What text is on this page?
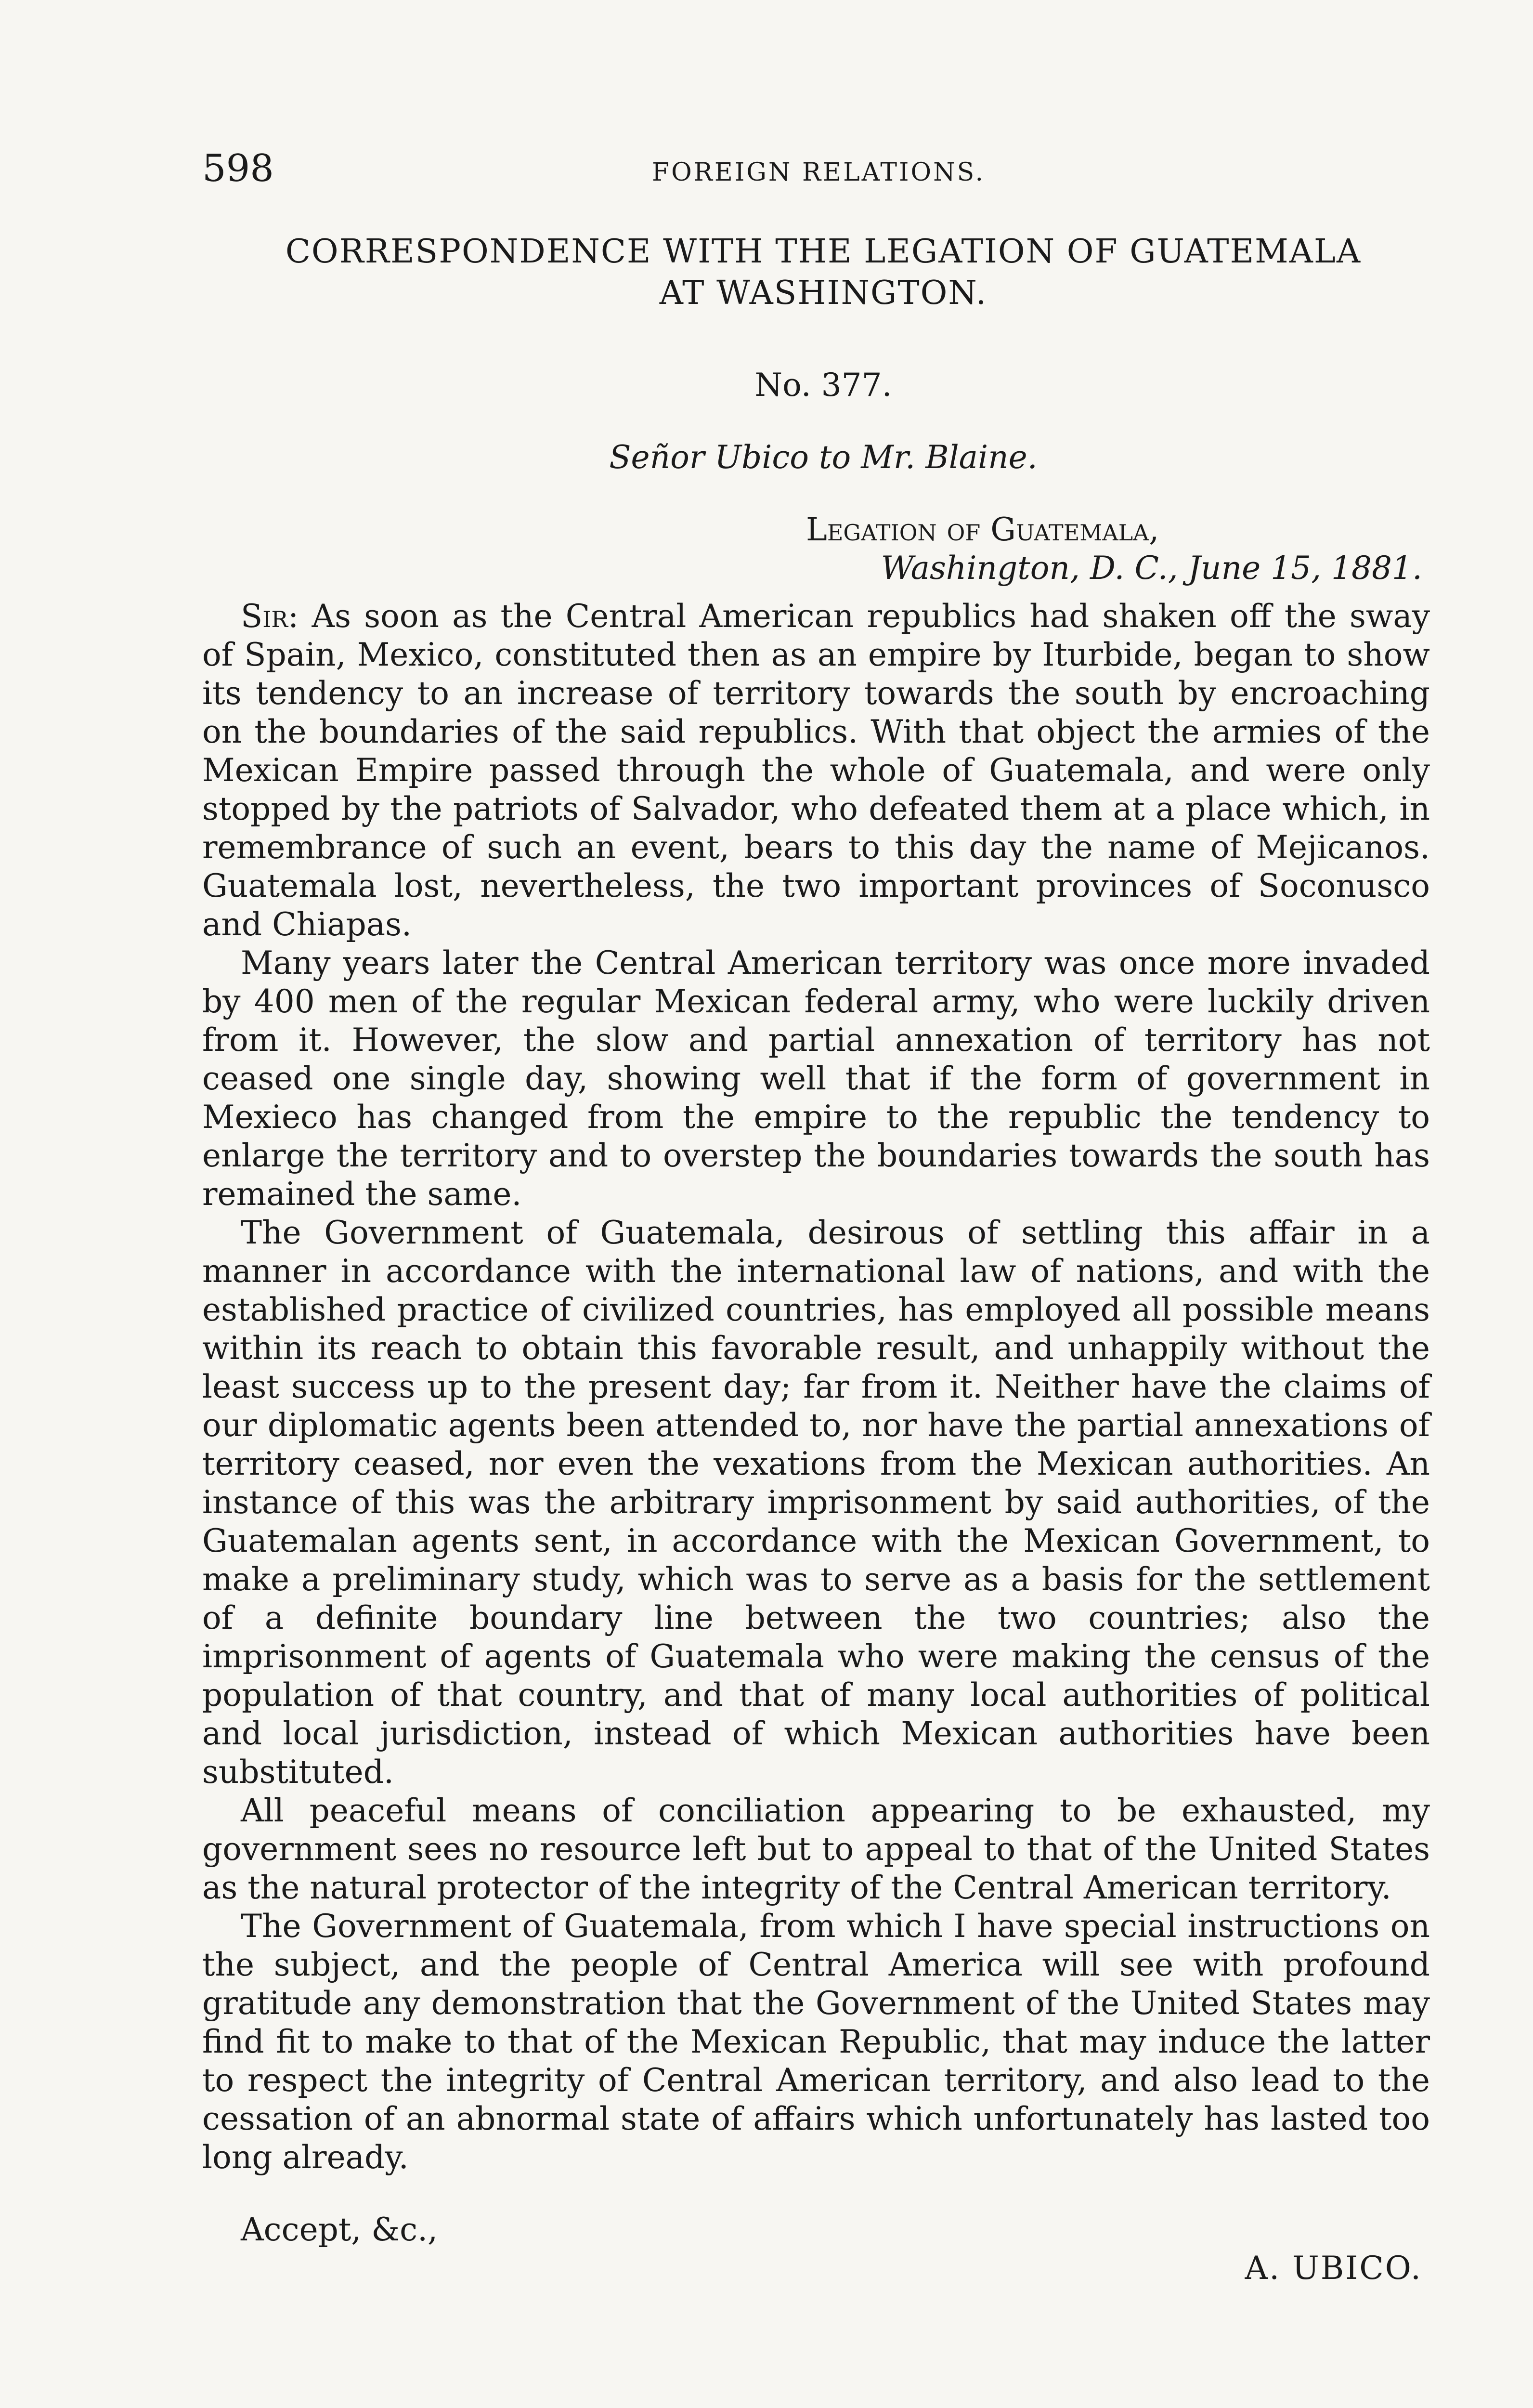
598	FOREIGN RELATIONS.
CORRESPONDENCE WITH THE LEGATION OF GUATEMALA
AT WASHINGTON.
No. 377.
Señor Ubico to Mr. Blaine.
Legation of Guatemala,
Washington, D. C., June 15, 1881.

Sir: As soon as the Central American republics had shaken off the sway of Spain, Mexico, constituted then as an empire by Iturbide, began to show its tendency to an increase of territory towards the south by encroaching on the boundaries of the said republics. With that object the armies of the Mexican Empire passed through the whole of Guatemala, and were only stopped by the patriots of Salvador, who defeated them at a place which, in remembrance of such an event, bears to this day the name of Mejicanos. Guatemala lost, nevertheless, the two important provinces of Soconusco and Chiapas.

Many years later the Central American territory was once more invaded by 400 men of the regular Mexican federal army, who were luckily driven from it. However, the slow and partial annexation of territory has not ceased one single day, showing well that if the form of government in Mexieco has changed from the empire to the republic the tendency to enlarge the territory and to overstep the boundaries towards the south has remained the same.

The Government of Guatemala, desirous of settling this affair in a manner in accordance with the international law of nations, and with the established practice of civilized countries, has employed all possible means within its reach to obtain this favorable result, and unhappily without the least success up to the present day; far from it. Neither have the claims of our diplomatic agents been attended to, nor have the partial annexations of territory ceased, nor even the vexations from the Mexican authorities. An instance of this was the arbitrary imprisonment by said authorities, of the Guatemalan agents sent, in accordance with the Mexican Government, to make a preliminary study, which was to serve as a basis for the settlement of a definite boundary line between the two countries; also the imprisonment of agents of Guatemala who were making the census of the population of that country, and that of many local authorities of political and local jurisdiction, instead of which Mexican authorities have been substituted.

All peaceful means of conciliation appearing to be exhausted, my government sees no resource left but to appeal to that of the United States as the natural protector of the integrity of the Central American territory.

The Government of Guatemala, from which I have special instructions on the subject, and the people of Central America will see with profound gratitude any demonstration that the Government of the United States may find fit to make to that of the Mexican Republic, that may induce the latter to respect the integrity of Central American territory, and also lead to the cessation of an abnormal state of affairs which unfortunately has lasted too long already.

Accept, &c.,
A. UBICO.
